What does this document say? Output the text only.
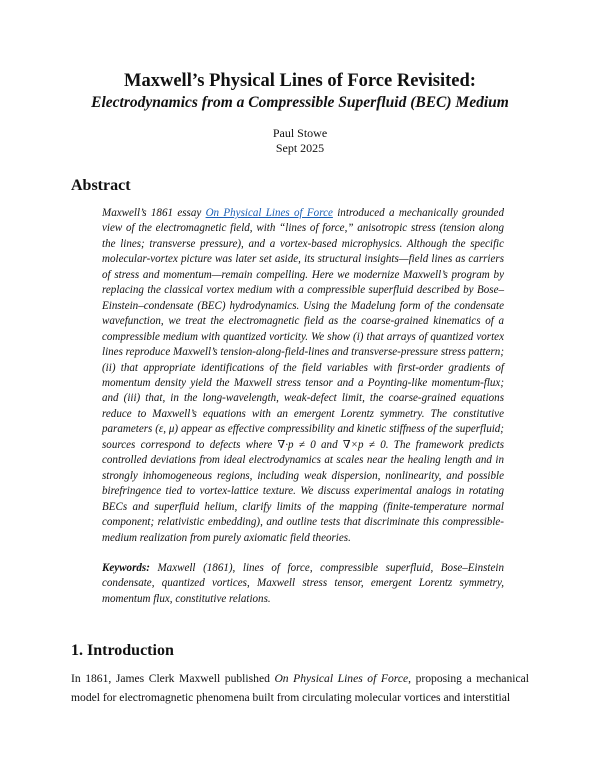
Maxwell’s Physical Lines of Force Revisited:
Electrodynamics from a Compressible Superfluid (BEC) Medium
Paul Stowe
Sept 2025
Abstract

Maxwell’s 1861 essay On Physical Lines of Force introduced a mechanically grounded view of the electromagnetic field, with “lines of force,” anisotropic stress (tension along the lines; transverse pressure), and a vortex-based microphysics. Although the specific molecular-vortex picture was later set aside, its structural insights—field lines as carriers of stress and momentum—remain compelling. Here we modernize Maxwell’s program by replacing the classical vortex medium with a compressible superfluid described by Bose–Einstein–condensate (BEC) hydrodynamics. Using the Madelung form of the condensate wavefunction, we treat the electromagnetic field as the coarse-grained kinematics of a compressible medium with quantized vorticity. We show (i) that arrays of quantized vortex lines reproduce Maxwell’s tension-along-field-lines and transverse-pressure stress pattern; (ii) that appropriate identifications of the field variables with first-order gradients of momentum density yield the Maxwell stress tensor and a Poynting-like momentum-flux; and (iii) that, in the long-wavelength, weak-defect limit, the coarse-grained equations reduce to Maxwell’s equations with an emergent Lorentz symmetry. The constitutive parameters (ε, μ) appear as effective compressibility and kinetic stiffness of the superfluid; sources correspond to defects where ∇·p ≠ 0 and ∇×p ≠ 0. The framework predicts controlled deviations from ideal electrodynamics at scales near the healing length and in strongly inhomogeneous regions, including weak dispersion, nonlinearity, and possible birefringence tied to vortex-lattice texture. We discuss experimental analogs in rotating BECs and superfluid helium, clarify limits of the mapping (finite-temperature normal component; relativistic embedding), and outline tests that discriminate this compressible-medium realization from purely axiomatic field theories.

Keywords: Maxwell (1861), lines of force, compressible superfluid, Bose–Einstein condensate, quantized vortices, Maxwell stress tensor, emergent Lorentz symmetry, momentum flux, constitutive relations.

1. Introduction

In 1861, James Clerk Maxwell published On Physical Lines of Force, proposing a mechanical model for electromagnetic phenomena built from circulating molecular vortices and interstitial
